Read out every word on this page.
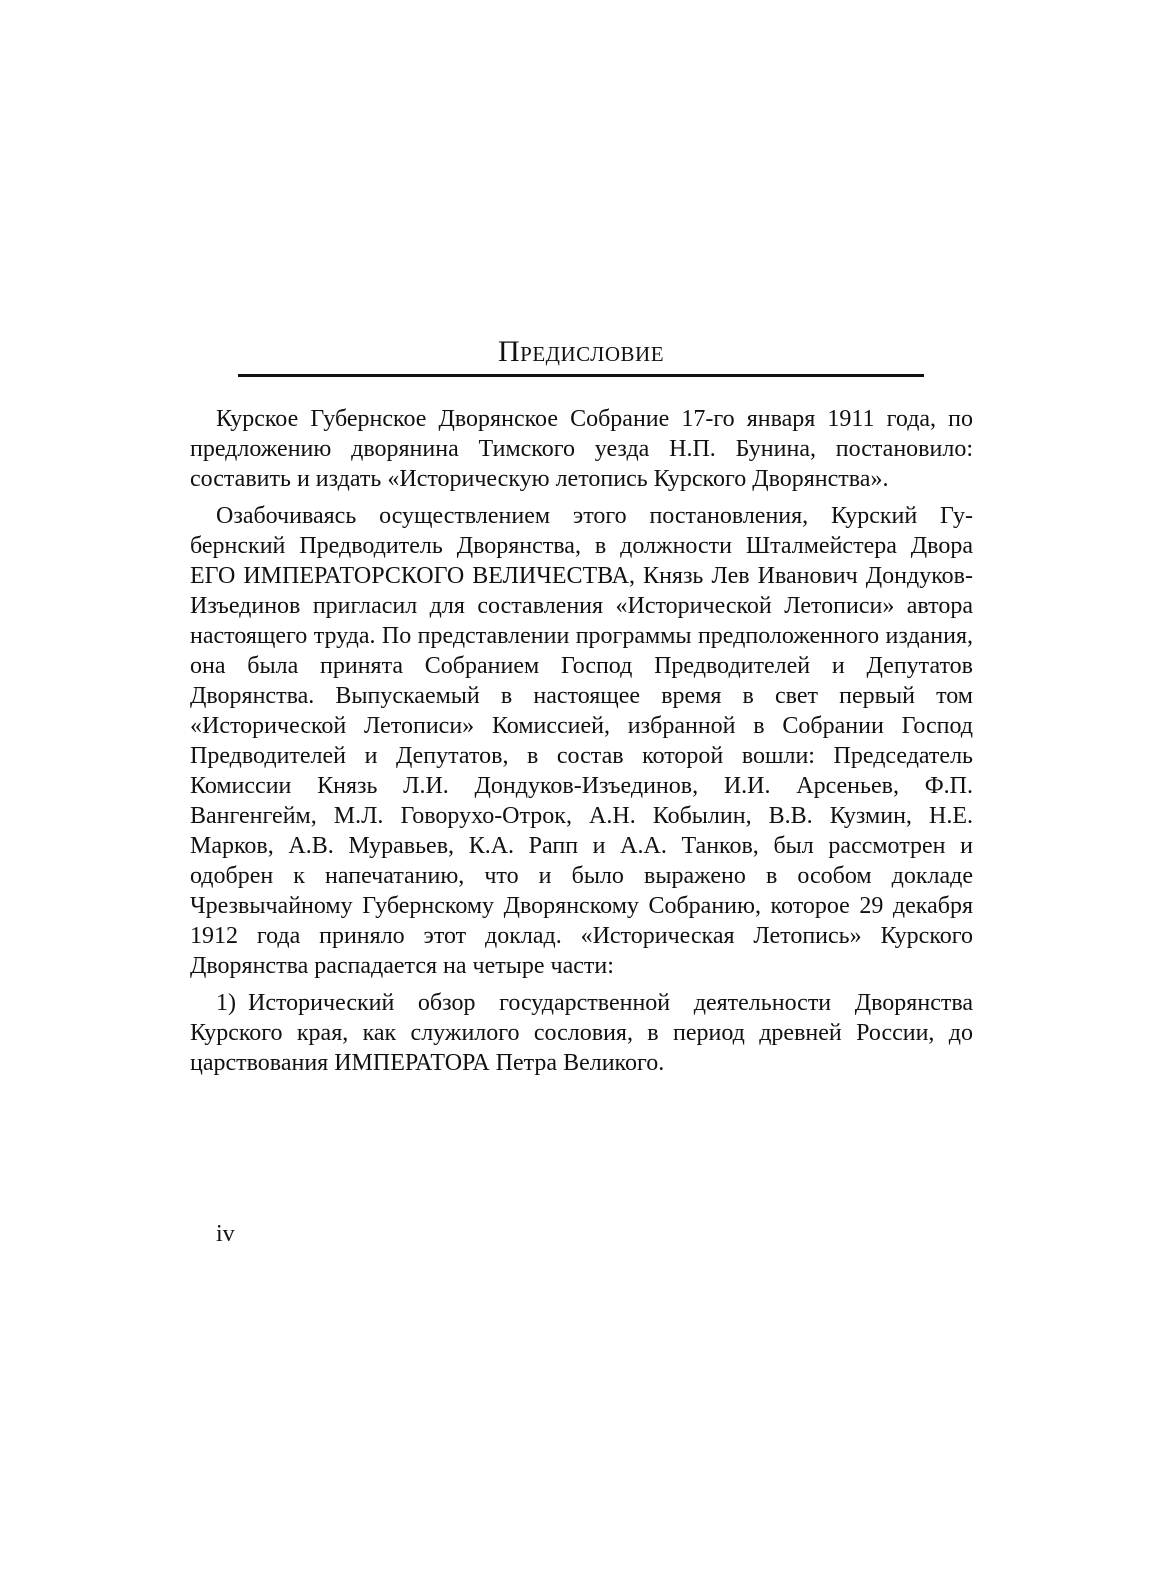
Предисловие

Курское Губернское Дворянское Собрание 17-го января 1911 года, по предложению дворянина Тимского уезда Н.П. Бунина, постановило: составить и издать «Историческую летопись Курского Дворянства».

Озабочиваясь осуществлением этого постановления, Курский Губернский Предводитель Дворянства, в должности Шталмейстера Двора ЕГО ИМПЕРАТОРСКОГО ВЕЛИЧЕСТВА, Князь Лев Иванович Дондуков-Изъединов пригласил для составления «Исторической Летописи» автора настоящего труда. По представлении программы предположенного издания, она была принята Собранием Господ Предводителей и Депутатов Дворянства. Выпускаемый в настоящее время в свет первый том «Исторической Летописи» Комиссией, избранной в Собрании Господ Предводителей и Депутатов, в состав которой вошли: Председатель Комиссии Князь Л.И. Дондуков-Изъединов, И.И. Арсеньев, Ф.П. Вангенгейм, М.Л. Говорухо-Отрок, А.Н. Кобылин, В.В. Кузмин, Н.Е. Марков, А.В. Муравьев, К.А. Рапп и А.А. Танков, был рассмотрен и одобрен к напечатанию, что и было выражено в особом докладе Чрезвычайному Губернскому Дворянскому Собранию, которое 29 декабря 1912 года приняло этот доклад. «Историческая Летопись» Курского Дворянства распадается на четыре части:

1) Исторический обзор государственной деятельности Дворянства Курского края, как служилого сословия, в период древней России, до царствования ИМПЕРАТОРА Петра Великого.

iv
